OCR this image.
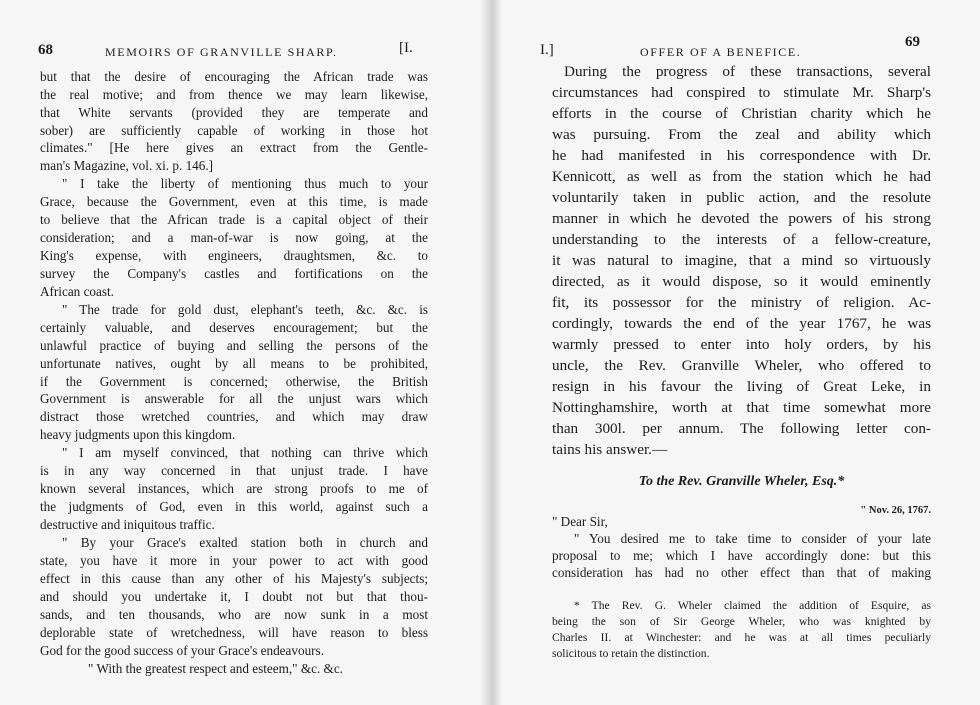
68	MEMOIRS OF GRANVILLE SHARP.	[I.
but that the desire of encouraging the African trade was
the real motive; and from thence we may learn likewise,
that White servants (provided they are temperate and
sober) are sufficiently capable of working in those hot
climates." [He here gives an extract from the Gentle-
man's Magazine, vol. xi. p. 146.]
" I take the liberty of mentioning thus much to your
Grace, because the Government, even at this time, is made
to believe that the African trade is a capital object of their
consideration; and a man-of-war is now going, at the
King's expense, with engineers, draughtsmen, &c. to
survey the Company's castles and fortifications on the
African coast.
" The trade for gold dust, elephant's teeth, &c. &c. is
certainly valuable, and deserves encouragement; but the
unlawful practice of buying and selling the persons of the
unfortunate natives, ought by all means to be prohibited,
if the Government is concerned; otherwise, the British
Government is answerable for all the unjust wars which
distract those wretched countries, and which may draw
heavy judgments upon this kingdom.
" I am myself convinced, that nothing can thrive which
is in any way concerned in that unjust trade. I have
known several instances, which are strong proofs to me of
the judgments of God, even in this world, against such a
destructive and iniquitous traffic.
" By your Grace's exalted station both in church and
state, you have it more in your power to act with good
effect in this cause than any other of his Majesty's subjects;
and should you undertake it, I doubt not but that thou-
sands, and ten thousands, who are now sunk in a most
deplorable state of wretchedness, will have reason to bless
God for the good success of your Grace's endeavours.
" With the greatest respect and esteem," &c. &c.
I.]	OFFER OF A BENEFICE.
69
During the progress of these transactions, several
circumstances had conspired to stimulate Mr. Sharp's
efforts in the course of Christian charity which he
was pursuing. From the zeal and ability which
he had manifested in his correspondence with Dr.
Kennicott, as well as from the station which he had
voluntarily taken in public action, and the resolute
manner in which he devoted the powers of his strong
understanding to the interests of a fellow-creature,
it was natural to imagine, that a mind so virtuously
directed, as it would dispose, so it would eminently
fit, its possessor for the ministry of religion. Ac-
cordingly, towards the end of the year 1767, he was
warmly pressed to enter into holy orders, by his
uncle, the Rev. Granville Wheler, who offered to
resign in his favour the living of Great Leke, in
Nottinghamshire, worth at that time somewhat more
than 300l. per annum. The following letter con-
tains his answer.—
To the Rev. Granville Wheler, Esq.*
" Nov. 26, 1767.
" Dear Sir,
" You desired me to take time to consider of your late
proposal to me; which I have accordingly done: but this
consideration has had no other effect than that of making
* The Rev. G. Wheler claimed the addition of Esquire, as
being the son of Sir George Wheler, who was knighted by
Charles II. at Winchester: and he was at all times peculiarly
solicitous to retain the distinction.
